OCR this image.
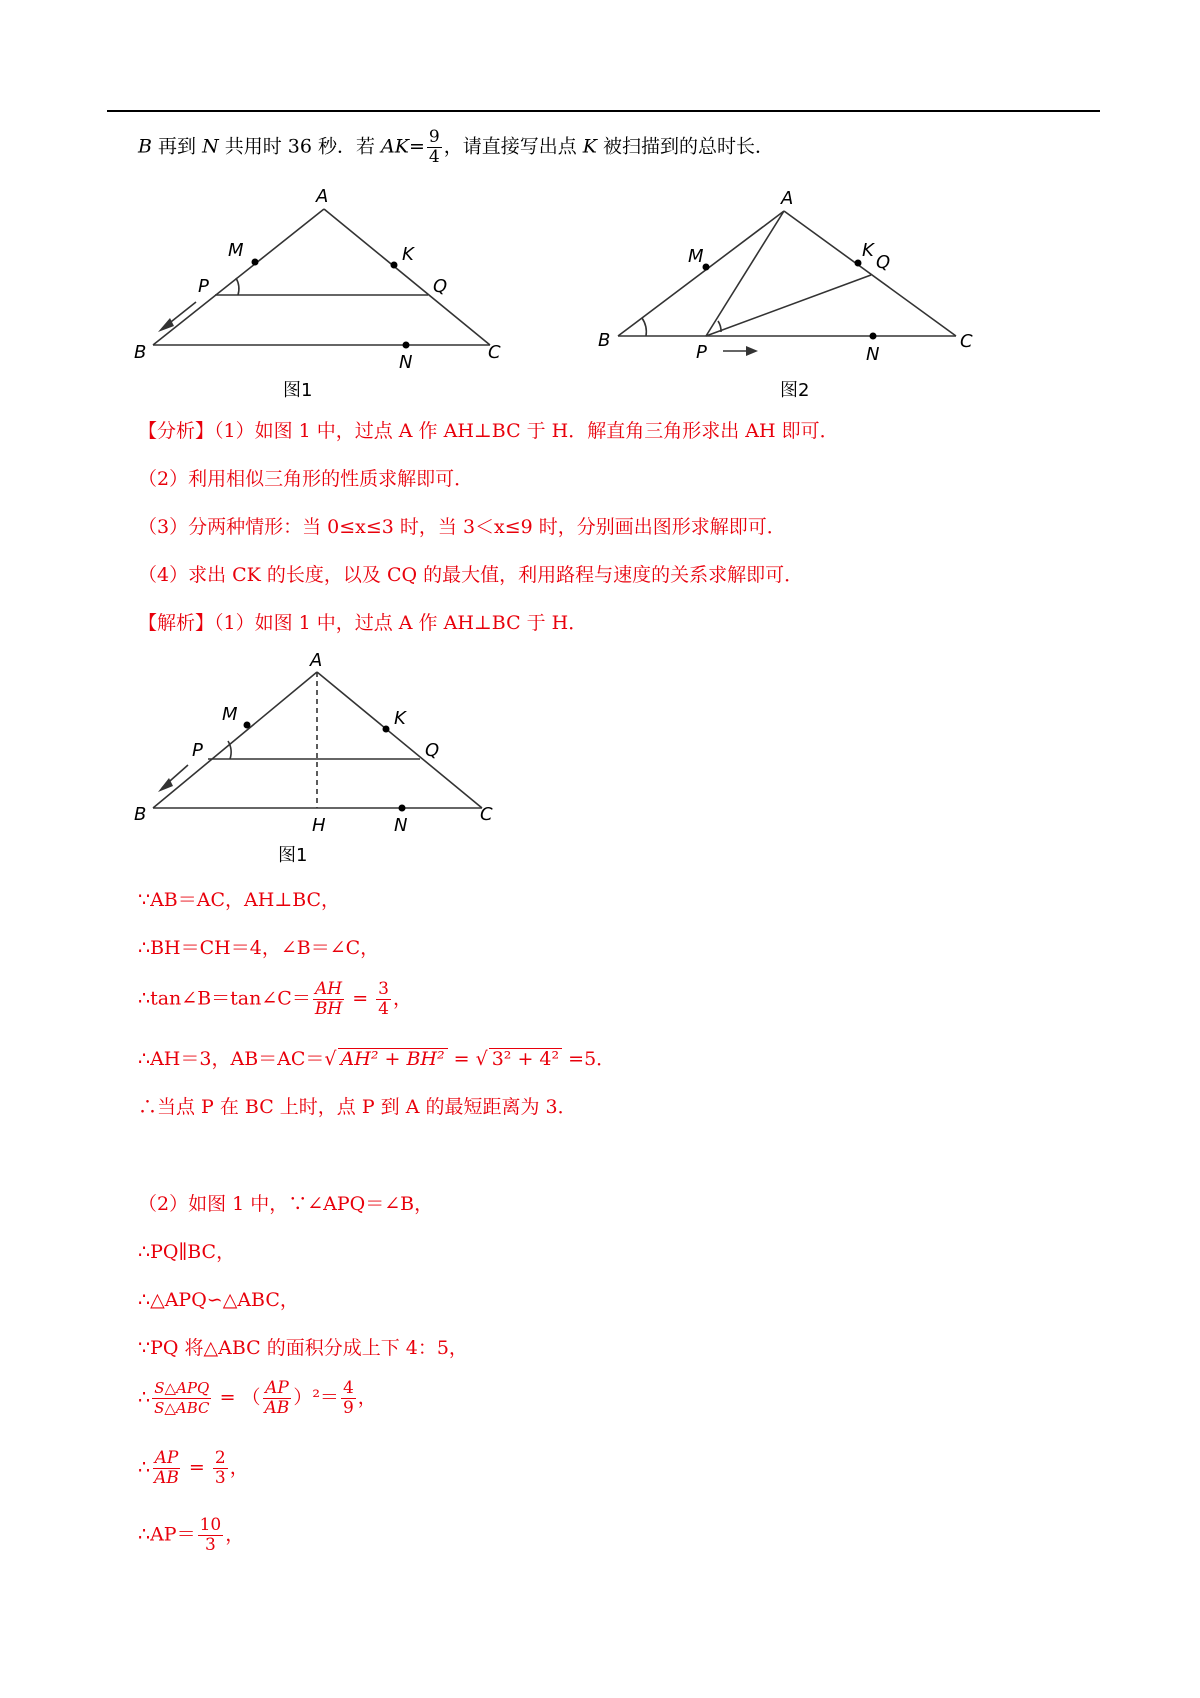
B 再到 N 共用时 36 秒．若 $AK= \frac{9}{4}$ ，请直接写出点 K 被扫描到的总时长．
A
M	K
P	Q
B	N	C
图1
A
M	K
Q
B
P	N
C
图2
【分析】（1）如图 1 中，过点 A 作 AH⊥BC 于 H．解直角三角形求出 AH 即可．
（2）利用相似三角形的性质求解即可．
（3）分两种情形：当 0≤x≤3 时，当 3＜x≤9 时，分别画出图形求解即可．
（4）求出 CK 的长度，以及 CQ 的最大值，利用路程与速度的关系求解即可．
【解析】（1）如图 1 中，过点 A 作 AH⊥BC 于 H．
A
M	K
P	Q
B
H	N
C
图1
∵AB＝AC，AH⊥BC，
∴BH＝CH＝4，∠B＝∠C，
∴tan∠B＝tan∠C＝ $\frac{AH}{BH} = \frac{3}{4}$ ，
∴AH＝3，AB＝AC＝√ AH² + BH² = √ 3² + 4² =5．
∴当点 P 在 BC 上时，点 P 到 A 的最短距离为 3．
（2）如图 1 中，∵∠APQ＝∠B，
∴PQ∥BC，
∴△APQ∽△ABC，
∵PQ 将△ABC 的面积分成上下 4：5，
∴ $\frac{\text{S△APQ}}{\text{S△ABC}}$ = （ $\frac{AP}{AB} )^2= \frac{4}{9}$ ，
∴ $\frac{AP}{AB} = \frac{2}{3}$ ，
∴AP＝ $\frac{10}{3}$ ，
